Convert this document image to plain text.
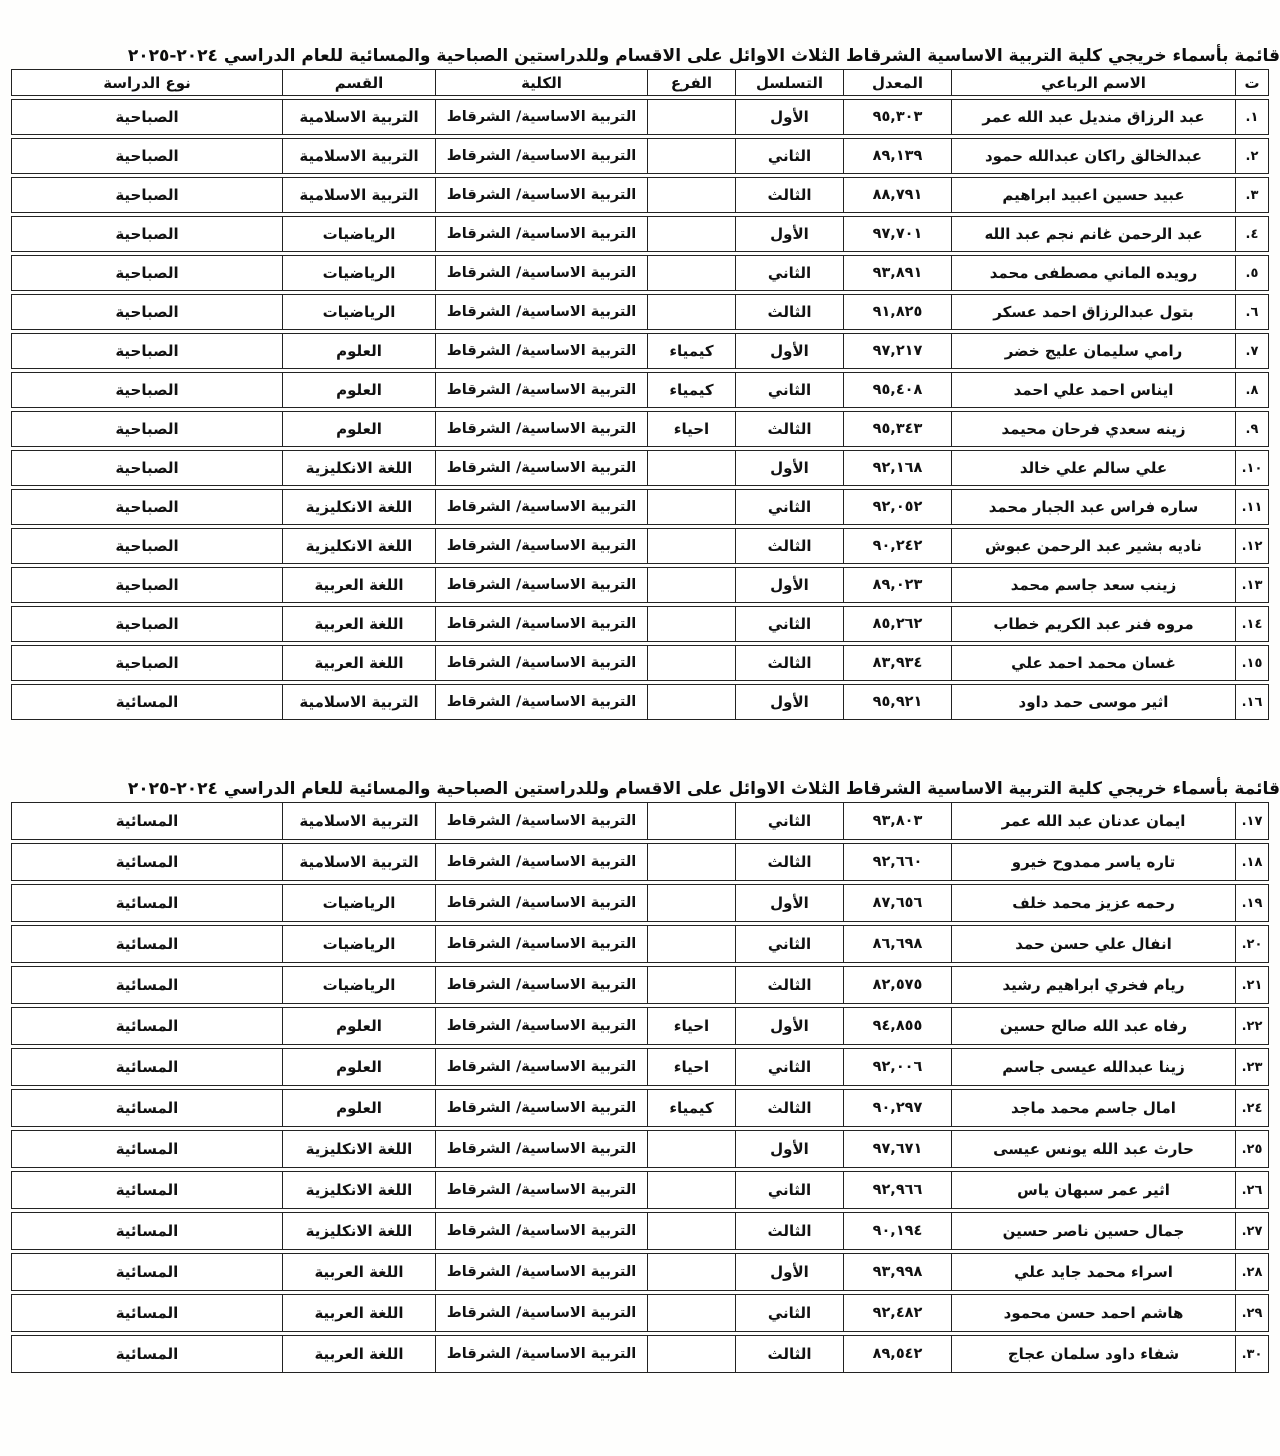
قائمة بأسماء خريجي كلية التربية الاساسية الشرقاط الثلاث الاوائل على الاقسام وللدراستين الصباحية والمسائية للعام الدراسي ٢٠٢٤-٢٠٢٥
ت	الاسم الرباعي	المعدل	التسلسل	الفرع	الكلية	القسم	نوع الدراسة
١.	عبد الرزاق منديل عبد الله عمر	٩٥,٣٠٣	الأول		التربية الاساسية/ الشرقاط	التربية الاسلامية	الصباحية
٢.	عبدالخالق راكان عبدالله حمود	٨٩,١٣٩	الثاني		التربية الاساسية/ الشرقاط	التربية الاسلامية	الصباحية
٣.	عبيد حسين اعبيد ابراهيم	٨٨,٧٩١	الثالث		التربية الاساسية/ الشرقاط	التربية الاسلامية	الصباحية
٤.	عبد الرحمن غانم نجم عبد الله	٩٧,٧٠١	الأول		التربية الاساسية/ الشرقاط	الرياضيات	الصباحية
٥.	رويده الماني مصطفى محمد	٩٣,٨٩١	الثاني		التربية الاساسية/ الشرقاط	الرياضيات	الصباحية
٦.	بتول عبدالرزاق احمد عسكر	٩١,٨٢٥	الثالث		التربية الاساسية/ الشرقاط	الرياضيات	الصباحية
٧.	رامي سليمان عليج خضر	٩٧,٢١٧	الأول	كيمياء	التربية الاساسية/ الشرقاط	العلوم	الصباحية
٨.	ايناس احمد علي احمد	٩٥,٤٠٨	الثاني	كيمياء	التربية الاساسية/ الشرقاط	العلوم	الصباحية
٩.	زينه سعدي فرحان محيمد	٩٥,٣٤٣	الثالث	احياء	التربية الاساسية/ الشرقاط	العلوم	الصباحية
١٠.	علي سالم علي خالد	٩٢,١٦٨	الأول		التربية الاساسية/ الشرقاط	اللغة الانكليزية	الصباحية
١١.	ساره فراس عبد الجبار محمد	٩٢,٠٥٢	الثاني		التربية الاساسية/ الشرقاط	اللغة الانكليزية	الصباحية
١٢.	ناديه بشير عبد الرحمن عبوش	٩٠,٢٤٢	الثالث		التربية الاساسية/ الشرقاط	اللغة الانكليزية	الصباحية
١٣.	زينب سعد جاسم محمد	٨٩,٠٢٣	الأول		التربية الاساسية/ الشرقاط	اللغة العربية	الصباحية
١٤.	مروه فنر عبد الكريم خطاب	٨٥,٢٦٢	الثاني		التربية الاساسية/ الشرقاط	اللغة العربية	الصباحية
١٥.	غسان محمد احمد علي	٨٣,٩٣٤	الثالث		التربية الاساسية/ الشرقاط	اللغة العربية	الصباحية
١٦.	اثير موسى حمد داود	٩٥,٩٢١	الأول		التربية الاساسية/ الشرقاط	التربية الاسلامية	المسائية
قائمة بأسماء خريجي كلية التربية الاساسية الشرقاط الثلاث الاوائل على الاقسام وللدراستين الصباحية والمسائية للعام الدراسي ٢٠٢٤-٢٠٢٥
١٧.	ايمان عدنان عبد الله عمر	٩٣,٨٠٣	الثاني		التربية الاساسية/ الشرقاط	التربية الاسلامية	المسائية
١٨.	تاره ياسر ممدوح خيرو	٩٢,٦٦٠	الثالث		التربية الاساسية/ الشرقاط	التربية الاسلامية	المسائية
١٩.	رحمه عزيز محمد خلف	٨٧,٦٥٦	الأول		التربية الاساسية/ الشرقاط	الرياضيات	المسائية
٢٠.	انفال علي حسن حمد	٨٦,٦٩٨	الثاني		التربية الاساسية/ الشرقاط	الرياضيات	المسائية
٢١.	ريام فخري ابراهيم رشيد	٨٢,٥٧٥	الثالث		التربية الاساسية/ الشرقاط	الرياضيات	المسائية
٢٢.	رفاه عبد الله صالح حسين	٩٤,٨٥٥	الأول	احياء	التربية الاساسية/ الشرقاط	العلوم	المسائية
٢٣.	زينا عبدالله عيسى جاسم	٩٢,٠٠٦	الثاني	احياء	التربية الاساسية/ الشرقاط	العلوم	المسائية
٢٤.	امال جاسم محمد ماجد	٩٠,٢٩٧	الثالث	كيمياء	التربية الاساسية/ الشرقاط	العلوم	المسائية
٢٥.	حارث عبد الله يونس عيسى	٩٧,٦٧١	الأول		التربية الاساسية/ الشرقاط	اللغة الانكليزية	المسائية
٢٦.	اثير عمر سبهان ياس	٩٢,٩٦٦	الثاني		التربية الاساسية/ الشرقاط	اللغة الانكليزية	المسائية
٢٧.	جمال حسين ناصر حسين	٩٠,١٩٤	الثالث		التربية الاساسية/ الشرقاط	اللغة الانكليزية	المسائية
٢٨.	اسراء محمد جايد علي	٩٣,٩٩٨	الأول		التربية الاساسية/ الشرقاط	اللغة العربية	المسائية
٢٩.	هاشم احمد حسن محمود	٩٢,٤٨٢	الثاني		التربية الاساسية/ الشرقاط	اللغة العربية	المسائية
٣٠.	شفاء داود سلمان عجاج	٨٩,٥٤٢	الثالث		التربية الاساسية/ الشرقاط	اللغة العربية	المسائية
